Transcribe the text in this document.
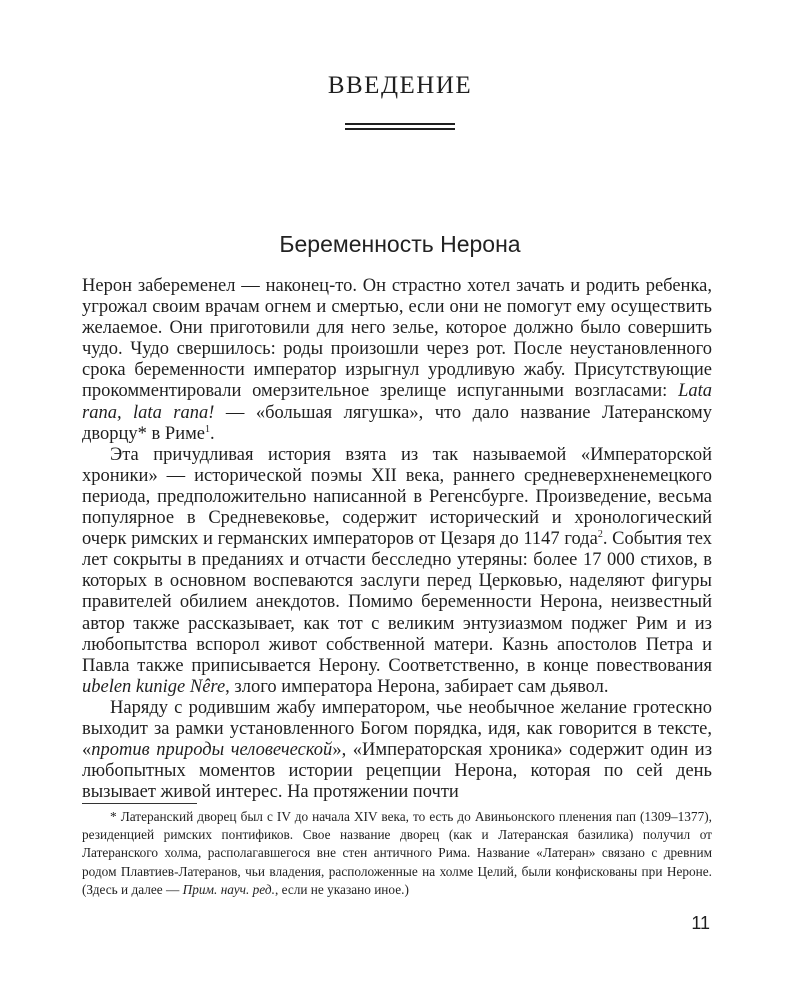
ВВЕДЕНИЕ
Беременность Нерона

Нерон забеременел — наконец-то. Он страстно хотел зачать и родить ребенка, угрожал своим врачам огнем и смертью, если они не помогут ему осуществить желаемое. Они приготовили для него зелье, которое должно было совершить чудо. Чудо свершилось: роды произошли через рот. После неустановленного срока беременности император изрыгнул уродливую жабу. Присутствующие прокомментировали омерзительное зрелище испуганными возгласами: Lata rana, lata rana! — «большая лягушка», что дало название Латеранскому дворцу* в Риме$^1$.

Эта причудливая история взята из так называемой «Императорской хроники» — исторической поэмы XII века, раннего средневерхненемецкого периода, предположительно написанной в Регенсбурге. Произведение, весьма популярное в Средневековье, содержит исторический и хронологический очерк римских и германских императоров от Цезаря до 1147 года$^2$. События тех лет сокрыты в преданиях и отчасти бесследно утеряны: более 17 000 стихов, в которых в основном воспеваются заслуги перед Церковью, наделяют фигуры правителей обилием анекдотов. Помимо беременности Нерона, неизвестный автор также рассказывает, как тот с великим энтузиазмом поджег Рим и из любопытства вспорол живот собственной матери. Казнь апостолов Петра и Павла также приписывается Нерону. Соответственно, в конце повествования ubelen kunige Nêre, злого императора Нерона, забирает сам дьявол.

Наряду с родившим жабу императором, чье необычное желание гротескно выходит за рамки установленного Богом порядка, идя, как говорится в тексте, «против природы человеческой», «Императорская хроника» содержит один из любопытных моментов истории рецепции Нерона, которая по сей день вызывает живой интерес. На протяжении почти

* Латеранский дворец был с IV до начала XIV века, то есть до Авиньонского пленения пап (1309–1377), резиденцией римских понтификов. Свое название дворец (как и Латеранская базилика) получил от Латеранского холма, располагавшегося вне стен античного Рима. Название «Латеран» связано с древним родом Плавтиев-Латеранов, чьи владения, расположенные на холме Целий, были конфискованы при Нероне. (Здесь и далее — Прим. науч. ред., если не указано иное.)
11
